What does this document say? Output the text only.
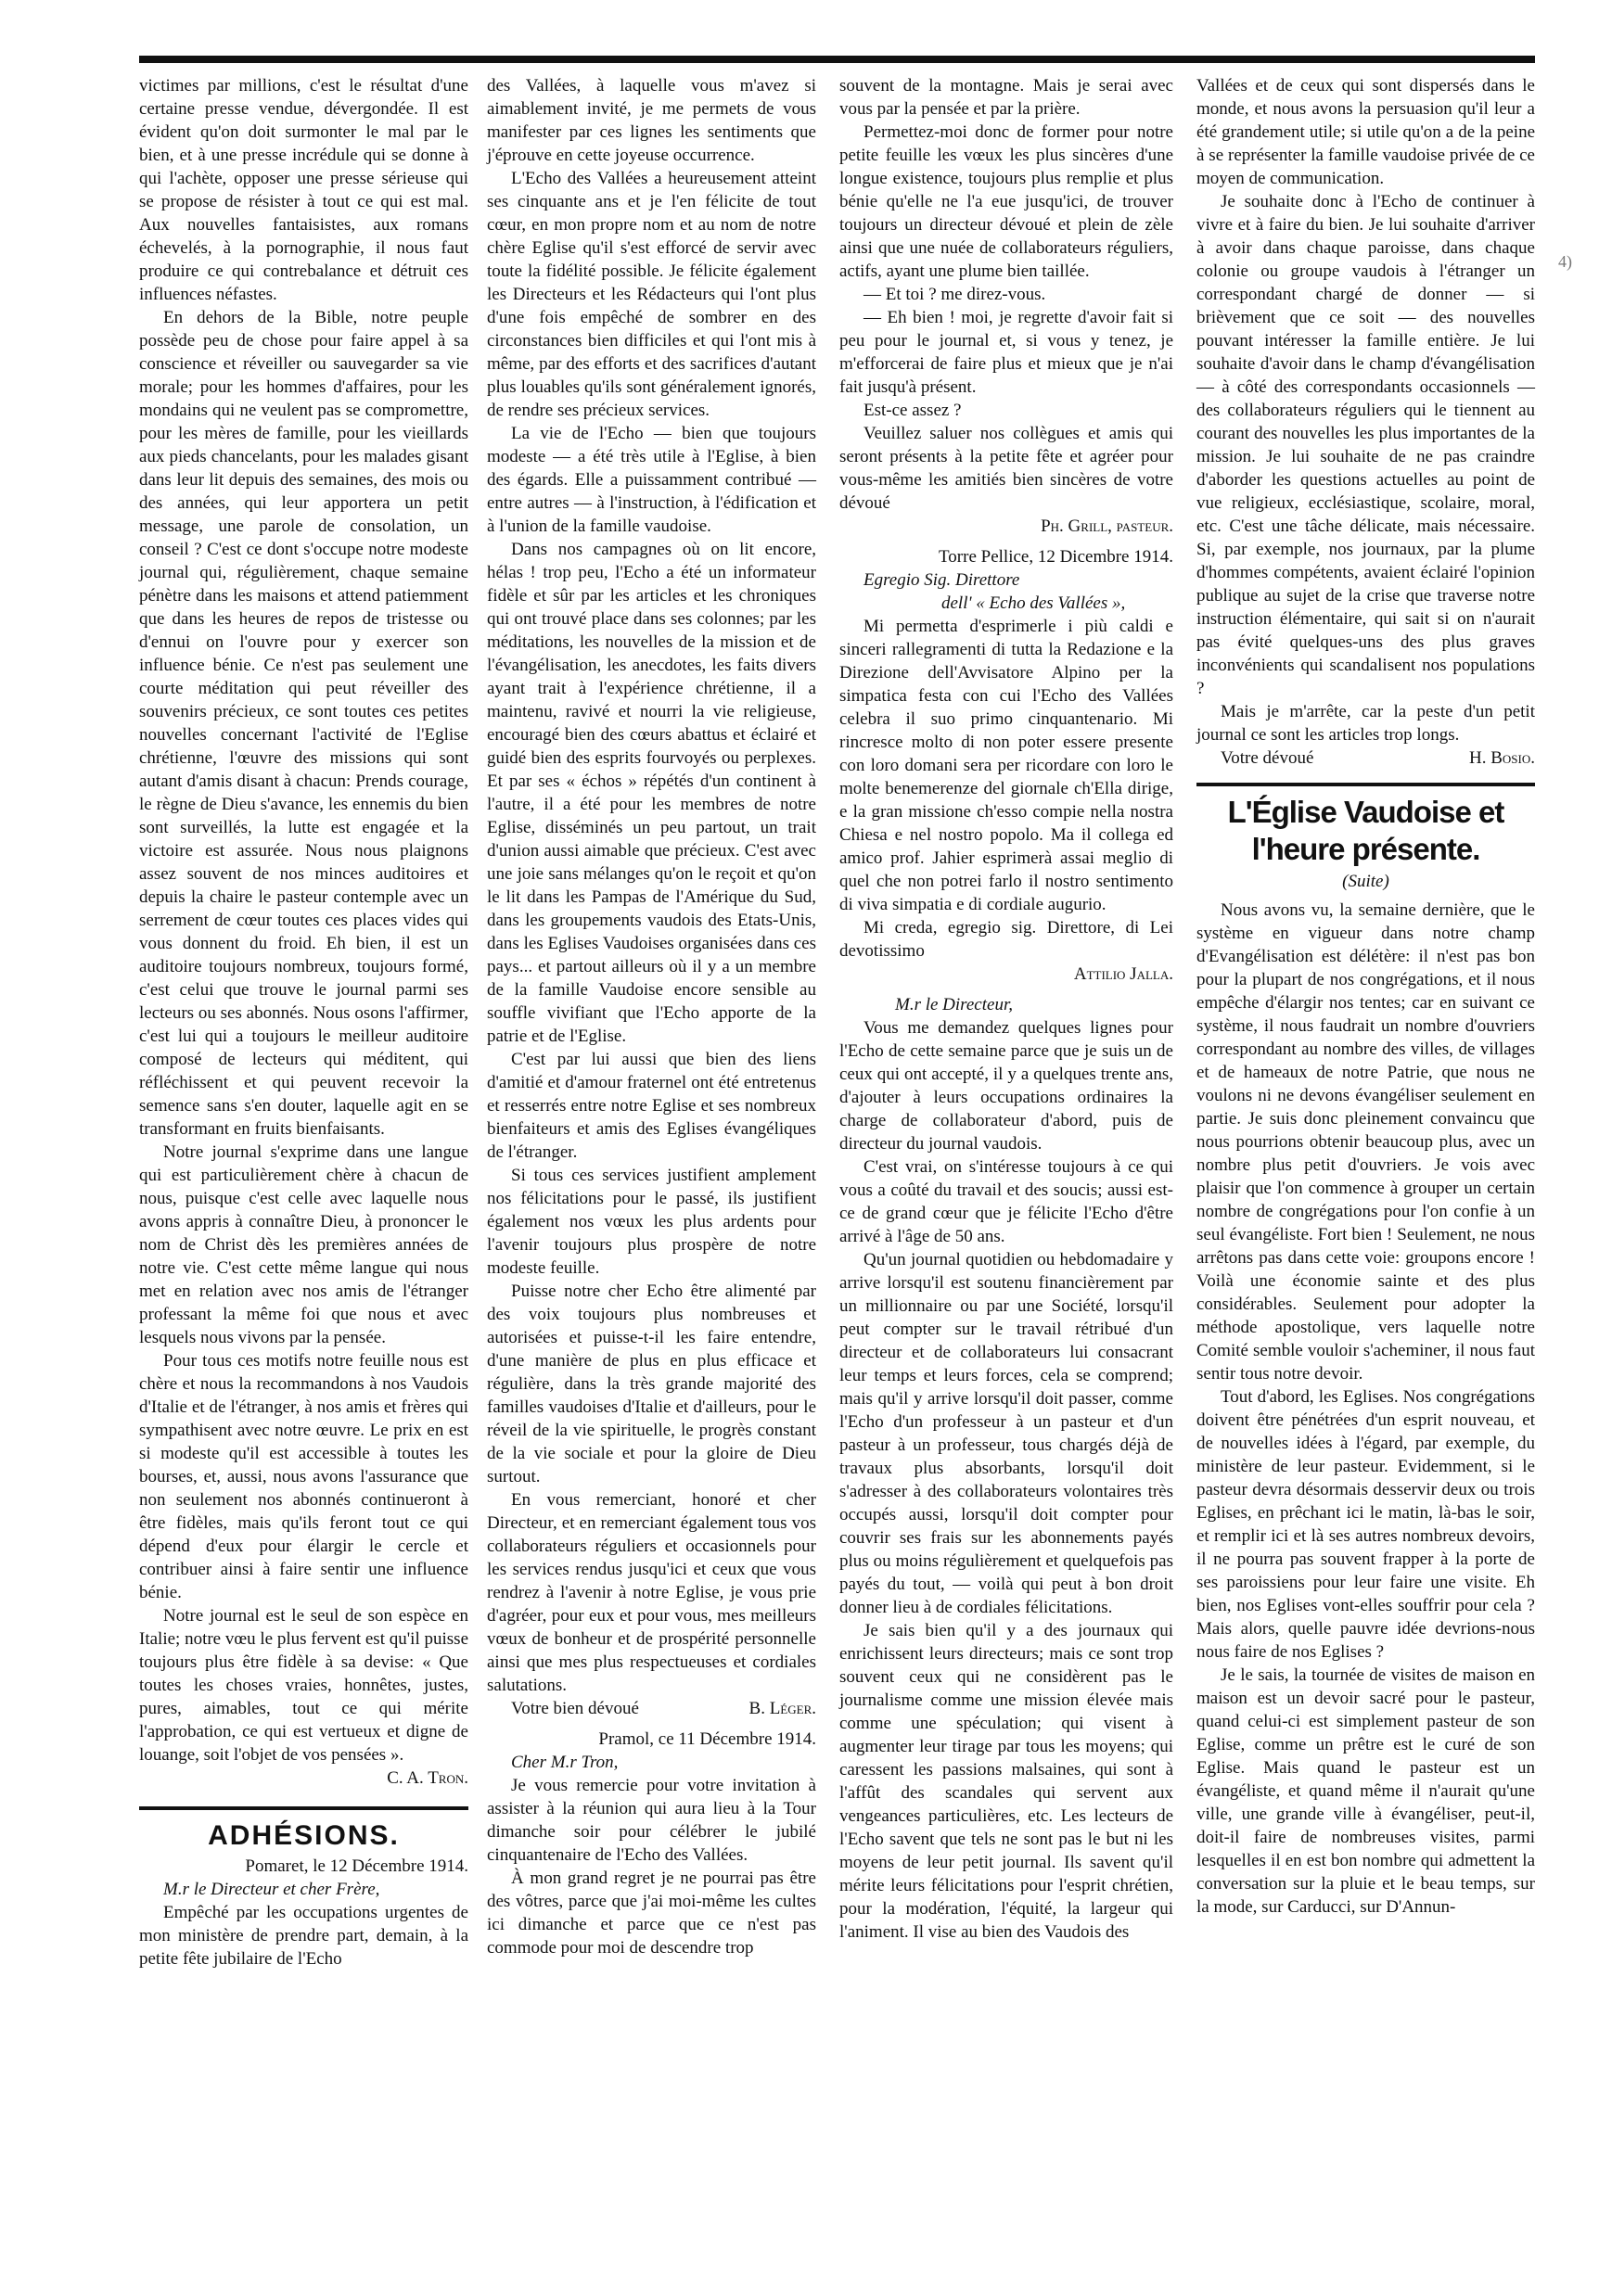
victimes par millions, c'est le résultat d'une certaine presse vendue, dévergondée. Il est évident qu'on doit surmonter le mal par le bien, et à une presse incrédule qui se donne à qui l'achète, opposer une presse sérieuse qui se propose de résister à tout ce qui est mal. Aux nouvelles fantaisistes, aux romans échevelés, à la pornographie, il nous faut produire ce qui contrebalance et détruit ces influences néfastes.

En dehors de la Bible, notre peuple possède peu de chose pour faire appel à sa conscience et réveiller ou sauvegarder sa vie morale; pour les hommes d'affaires, pour les mondains qui ne veulent pas se compromettre, pour les mères de famille, pour les vieillards aux pieds chancelants, pour les malades gisant dans leur lit depuis des semaines, des mois ou des années, qui leur apportera un petit message, une parole de consolation, un conseil ? C'est ce dont s'occupe notre modeste journal qui, régulièrement, chaque semaine pénètre dans les maisons et attend patiemment que dans les heures de repos de tristesse ou d'ennui on l'ouvre pour y exercer son influence bénie. Ce n'est pas seulement une courte méditation qui peut réveiller des souvenirs précieux, ce sont toutes ces petites nouvelles concernant l'activité de l'Eglise chrétienne, l'œuvre des missions qui sont autant d'amis disant à chacun: Prends courage, le règne de Dieu s'avance, les ennemis du bien sont surveillés, la lutte est engagée et la victoire est assurée. Nous nous plaignons assez souvent de nos minces auditoires et depuis la chaire le pasteur contemple avec un serrement de cœur toutes ces places vides qui vous donnent du froid. Eh bien, il est un auditoire toujours nombreux, toujours formé, c'est celui que trouve le journal parmi ses lecteurs ou ses abonnés. Nous osons l'affirmer, c'est lui qui a toujours le meilleur auditoire composé de lecteurs qui méditent, qui réfléchissent et qui peuvent recevoir la semence sans s'en douter, laquelle agit en se transformant en fruits bienfaisants.

Notre journal s'exprime dans une langue qui est particulièrement chère à chacun de nous, puisque c'est celle avec laquelle nous avons appris à connaître Dieu, à prononcer le nom de Christ dès les premières années de notre vie. C'est cette même langue qui nous met en relation avec nos amis de l'étranger professant la même foi que nous et avec lesquels nous vivons par la pensée.

Pour tous ces motifs notre feuille nous est chère et nous la recommandons à nos Vaudois d'Italie et de l'étranger, à nos amis et frères qui sympathisent avec notre œuvre. Le prix en est si modeste qu'il est accessible à toutes les bourses, et, aussi, nous avons l'assurance que non seulement nos abonnés continueront à être fidèles, mais qu'ils feront tout ce qui dépend d'eux pour élargir le cercle et contribuer ainsi à faire sentir une influence bénie.

Notre journal est le seul de son espèce en Italie; notre vœu le plus fervent est qu'il puisse toujours plus être fidèle à sa devise: « Que toutes les choses vraies, honnêtes, justes, pures, aimables, tout ce qui mérite l'approbation, ce qui est vertueux et digne de louange, soit l'objet de vos pensées ».

C. A. Tron.
ADHÉSIONS.
Pomaret, le 12 Décembre 1914.

M.r le Directeur et cher Frère,

Empêché par les occupations urgentes de mon ministère de prendre part, demain, à la petite fête jubilaire de l'Echo

des Vallées, à laquelle vous m'avez si aimablement invité, je me permets de vous manifester par ces lignes les sentiments que j'éprouve en cette joyeuse occurrence.

L'Echo des Vallées a heureusement atteint ses cinquante ans et je l'en félicite de tout cœur, en mon propre nom et au nom de notre chère Eglise qu'il s'est efforcé de servir avec toute la fidélité possible. Je félicite également les Directeurs et les Rédacteurs qui l'ont plus d'une fois empêché de sombrer en des circonstances bien difficiles et qui l'ont mis à même, par des efforts et des sacrifices d'autant plus louables qu'ils sont généralement ignorés, de rendre ses précieux services.

La vie de l'Echo — bien que toujours modeste — a été très utile à l'Eglise, à bien des égards. Elle a puissamment contribué — entre autres — à l'instruction, à l'édification et à l'union de la famille vaudoise.

Dans nos campagnes où on lit encore, hélas ! trop peu, l'Echo a été un informateur fidèle et sûr par les articles et les chroniques qui ont trouvé place dans ses colonnes; par les méditations, les nouvelles de la mission et de l'évangélisation, les anecdotes, les faits divers ayant trait à l'expérience chrétienne, il a maintenu, ravivé et nourri la vie religieuse, encouragé bien des cœurs abattus et éclairé et guidé bien des esprits fourvoyés ou perplexes. Et par ses « échos » répétés d'un continent à l'autre, il a été pour les membres de notre Eglise, disséminés un peu partout, un trait d'union aussi aimable que précieux. C'est avec une joie sans mélanges qu'on le reçoit et qu'on le lit dans les Pampas de l'Amérique du Sud, dans les groupements vaudois des Etats-Unis, dans les Eglises Vaudoises organisées dans ces pays... et partout ailleurs où il y a un membre de la famille Vaudoise encore sensible au souffle vivifiant que l'Echo apporte de la patrie et de l'Eglise.

C'est par lui aussi que bien des liens d'amitié et d'amour fraternel ont été entretenus et resserrés entre notre Eglise et ses nombreux bienfaiteurs et amis des Eglises évangéliques de l'étranger.

Si tous ces services justifient amplement nos félicitations pour le passé, ils justifient également nos vœux les plus ardents pour l'avenir toujours plus prospère de notre modeste feuille.

Puisse notre cher Echo être alimenté par des voix toujours plus nombreuses et autorisées et puisse-t-il les faire entendre, d'une manière de plus en plus efficace et régulière, dans la très grande majorité des familles vaudoises d'Italie et d'ailleurs, pour le réveil de la vie spirituelle, le progrès constant de la vie sociale et pour la gloire de Dieu surtout.

En vous remerciant, honoré et cher Directeur, et en remerciant également tous vos collaborateurs réguliers et occasionnels pour les services rendus jusqu'ici et ceux que vous rendrez à l'avenir à notre Eglise, je vous prie d'agréer, pour eux et pour vous, mes meilleurs vœux de bonheur et de prospérité personnelle ainsi que mes plus respectueuses et cordiales salutations.

Votre bien dévoué	B. Léger.
Pramol, ce 11 Décembre 1914.

Cher M.r Tron,

Je vous remercie pour votre invitation à assister à la réunion qui aura lieu à la Tour dimanche soir pour célébrer le jubilé cinquantenaire de l'Echo des Vallées.

À mon grand regret je ne pourrai pas être des vôtres, parce que j'ai moi-même les cultes ici dimanche et parce que ce n'est pas commode pour moi de descendre trop

souvent de la montagne. Mais je serai avec vous par la pensée et par la prière.

Permettez-moi donc de former pour notre petite feuille les vœux les plus sincères d'une longue existence, toujours plus remplie et plus bénie qu'elle ne l'a eue jusqu'ici, de trouver toujours un directeur dévoué et plein de zèle ainsi que une nuée de collaborateurs réguliers, actifs, ayant une plume bien taillée.

— Et toi ? me direz-vous.

— Eh bien ! moi, je regrette d'avoir fait si peu pour le journal et, si vous y tenez, je m'efforcerai de faire plus et mieux que je n'ai fait jusqu'à présent.

Est-ce assez ?

Veuillez saluer nos collègues et amis qui seront présents à la petite fête et agréer pour vous-même les amitiés bien sincères de votre dévoué

Ph. Grill, pasteur.
Torre Pellice, 12 Dicembre 1914.

Egregio Sig. Direttore

dell' « Echo des Vallées »,

Mi permetta d'esprimerle i più caldi e sinceri rallegramenti di tutta la Redazione e la Direzione dell'Avvisatore Alpino per la simpatica festa con cui l'Echo des Vallées celebra il suo primo cinquantenario. Mi rincresce molto di non poter essere presente con loro domani sera per ricordare con loro le molte benemerenze del giornale ch'Ella dirige, e la gran missione ch'esso compie nella nostra Chiesa e nel nostro popolo. Ma il collega ed amico prof. Jahier esprimerà assai meglio di quel che non potrei farlo il nostro sentimento di viva simpatia e di cordiale augurio.

Mi creda, egregio sig. Direttore, di Lei devotissimo

Attilio Jalla.

M.r le Directeur,

Vous me demandez quelques lignes pour l'Echo de cette semaine parce que je suis un de ceux qui ont accepté, il y a quelques trente ans, d'ajouter à leurs occupations ordinaires la charge de collaborateur d'abord, puis de directeur du journal vaudois.

C'est vrai, on s'intéresse toujours à ce qui vous a coûté du travail et des soucis; aussi est-ce de grand cœur que je félicite l'Echo d'être arrivé à l'âge de 50 ans.

Qu'un journal quotidien ou hebdomadaire y arrive lorsqu'il est soutenu financièrement par un millionnaire ou par une Société, lorsqu'il peut compter sur le travail rétribué d'un directeur et de collaborateurs lui consacrant leur temps et leurs forces, cela se comprend; mais qu'il y arrive lorsqu'il doit passer, comme l'Echo d'un professeur à un pasteur et d'un pasteur à un professeur, tous chargés déjà de travaux plus absorbants, lorsqu'il doit s'adresser à des collaborateurs volontaires très occupés aussi, lorsqu'il doit compter pour couvrir ses frais sur les abonnements payés plus ou moins régulièrement et quelquefois pas payés du tout, — voilà qui peut à bon droit donner lieu à de cordiales félicitations.

Je sais bien qu'il y a des journaux qui enrichissent leurs directeurs; mais ce sont trop souvent ceux qui ne considèrent pas le journalisme comme une mission élevée mais comme une spéculation; qui visent à augmenter leur tirage par tous les moyens; qui caressent les passions malsaines, qui sont à l'affût des scandales qui servent aux vengeances particulières, etc. Les lecteurs de l'Echo savent que tels ne sont pas le but ni les moyens de leur petit journal. Ils savent qu'il mérite leurs félicitations pour l'esprit chrétien, pour la modération, l'équité, la largeur qui l'animent. Il vise au bien des Vaudois des

Vallées et de ceux qui sont dispersés dans le monde, et nous avons la persuasion qu'il leur a été grandement utile; si utile qu'on a de la peine à se représenter la famille vaudoise privée de ce moyen de communication.

Je souhaite donc à l'Echo de continuer à vivre et à faire du bien. Je lui souhaite d'arriver à avoir dans chaque paroisse, dans chaque colonie ou groupe vaudois à l'étranger un correspondant chargé de donner — si brièvement que ce soit — des nouvelles pouvant intéresser la famille entière. Je lui souhaite d'avoir dans le champ d'évangélisation — à côté des correspondants occasionnels — des collaborateurs réguliers qui le tiennent au courant des nouvelles les plus importantes de la mission. Je lui souhaite de ne pas craindre d'aborder les questions actuelles au point de vue religieux, ecclésiastique, scolaire, moral, etc. C'est une tâche délicate, mais nécessaire. Si, par exemple, nos journaux, par la plume d'hommes compétents, avaient éclairé l'opinion publique au sujet de la crise que traverse notre instruction élémentaire, qui sait si on n'aurait pas évité quelques-uns des plus graves inconvénients qui scandalisent nos populations ?

Mais je m'arrête, car la peste d'un petit journal ce sont les articles trop longs.

Votre dévoué	H. Bosio.
L'Église Vaudoise et l'heure présente.
(Suite)

Nous avons vu, la semaine dernière, que le système en vigueur dans notre champ d'Evangélisation est délétère: il n'est pas bon pour la plupart de nos congrégations, et il nous empêche d'élargir nos tentes; car en suivant ce système, il nous faudrait un nombre d'ouvriers correspondant au nombre des villes, de villages et de hameaux de notre Patrie, que nous ne voulons ni ne devons évangéliser seulement en partie. Je suis donc pleinement convaincu que nous pourrions obtenir beaucoup plus, avec un nombre plus petit d'ouvriers. Je vois avec plaisir que l'on commence à grouper un certain nombre de congrégations pour l'on confie à un seul évangéliste. Fort bien ! Seulement, ne nous arrêtons pas dans cette voie: groupons encore ! Voilà une économie sainte et des plus considérables. Seulement pour adopter la méthode apostolique, vers laquelle notre Comité semble vouloir s'acheminer, il nous faut sentir tous notre devoir.

Tout d'abord, les Eglises. Nos congrégations doivent être pénétrées d'un esprit nouveau, et de nouvelles idées à l'égard, par exemple, du ministère de leur pasteur. Evidemment, si le pasteur devra désormais desservir deux ou trois Eglises, en prêchant ici le matin, là-bas le soir, et remplir ici et là ses autres nombreux devoirs, il ne pourra pas souvent frapper à la porte de ses paroissiens pour leur faire une visite. Eh bien, nos Eglises vont-elles souffrir pour cela ? Mais alors, quelle pauvre idée devrions-nous nous faire de nos Eglises ?

Je le sais, la tournée de visites de maison en maison est un devoir sacré pour le pasteur, quand celui-ci est simplement pasteur de son Eglise, comme un prêtre est le curé de son Eglise. Mais quand le pasteur est un évangéliste, et quand même il n'aurait qu'une ville, une grande ville à évangéliser, peut-il, doit-il faire de nombreuses visites, parmi lesquelles il en est bon nombre qui admettent la conversation sur la pluie et le beau temps, sur la mode, sur Carducci, sur D'Annun-

4)
